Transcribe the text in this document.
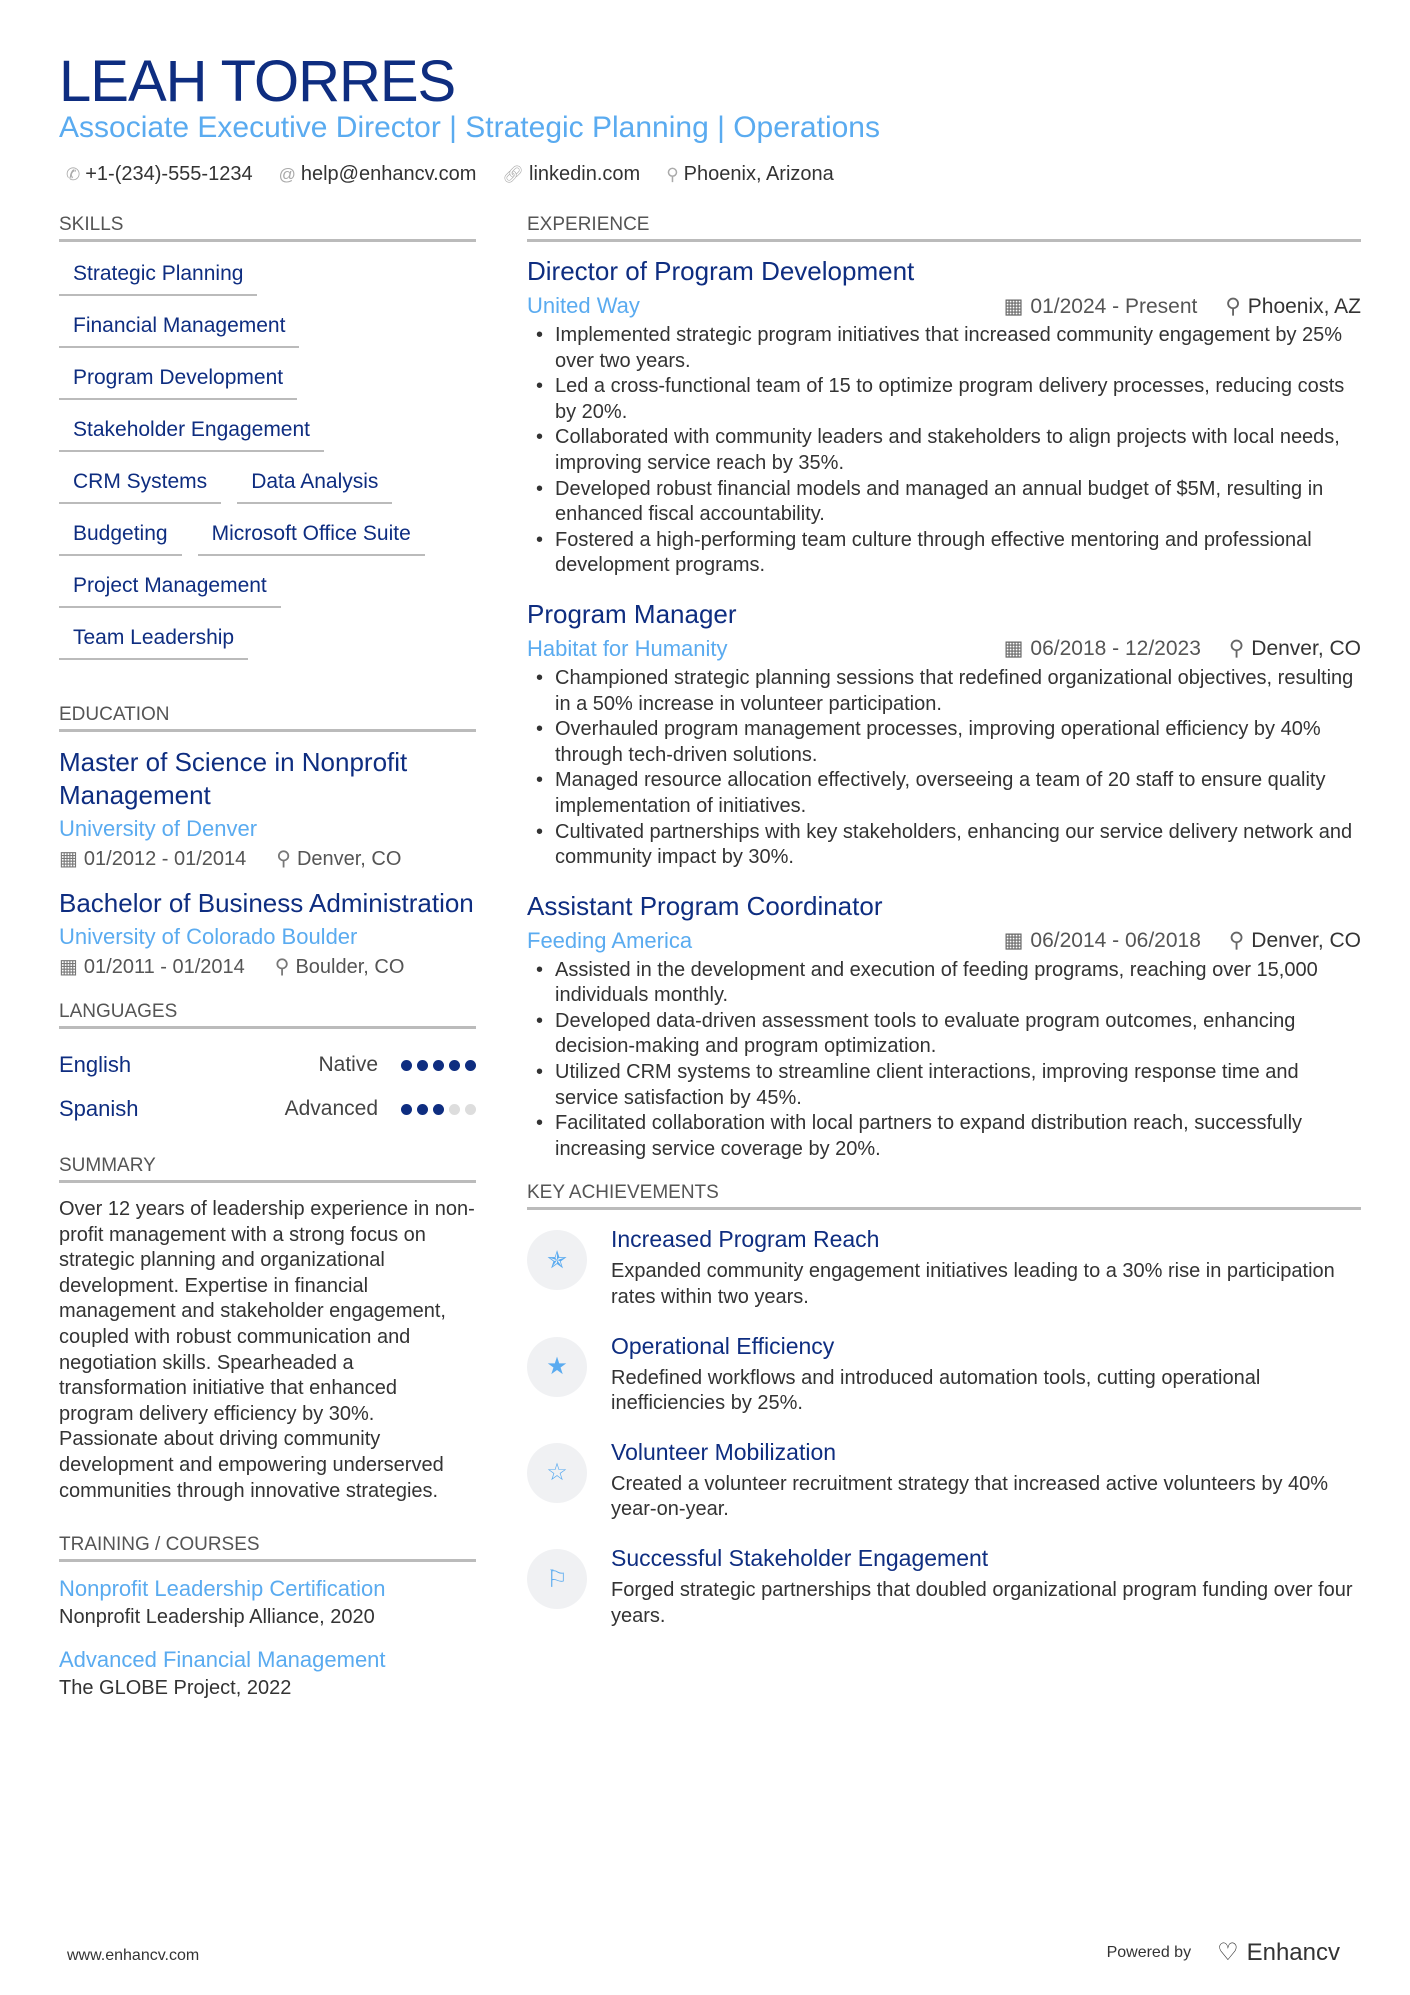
LEAH TORRES
Associate Executive Director | Strategic Planning | Operations
✆ +1-(234)-555-1234 @ help@enhancv.com 🔗︎ linkedin.com ⚲ Phoenix, Arizona
SKILLS
Strategic Planning
Financial Management
Program Development
Stakeholder Engagement
CRM Systems	Data Analysis
Budgeting	Microsoft Office Suite
Project Management
Team Leadership
EDUCATION
Master of Science in Nonprofit Management
University of Denver
▦ 01/2012 - 01/2014 ⚲ Denver, CO
Bachelor of Business Administration
University of Colorado Boulder
▦ 01/2011 - 01/2014 ⚲ Boulder, CO
LANGUAGES
English	Native
Spanish	Advanced
SUMMARY
Over 12 years of leadership experience in non-profit management with a strong focus on strategic planning and organizational development. Expertise in financial management and stakeholder engagement, coupled with robust communication and negotiation skills. Spearheaded a transformation initiative that enhanced program delivery efficiency by 30%. Passionate about driving community development and empowering underserved communities through innovative strategies.
TRAINING / COURSES
Nonprofit Leadership Certification
Nonprofit Leadership Alliance, 2020
Advanced Financial Management
The GLOBE Project, 2022
EXPERIENCE
Director of Program Development
United Way	▦ 01/2024 - Present ⚲ Phoenix, AZ
• Implemented strategic program initiatives that increased community engagement by 25% over two years.
• Led a cross-functional team of 15 to optimize program delivery processes, reducing costs by 20%.
• Collaborated with community leaders and stakeholders to align projects with local needs, improving service reach by 35%.
• Developed robust financial models and managed an annual budget of $5M, resulting in enhanced fiscal accountability.
• Fostered a high-performing team culture through effective mentoring and professional development programs.
Program Manager
Habitat for Humanity	▦ 06/2018 - 12/2023 ⚲ Denver, CO
• Championed strategic planning sessions that redefined organizational objectives, resulting in a 50% increase in volunteer participation.
• Overhauled program management processes, improving operational efficiency by 40% through tech-driven solutions.
• Managed resource allocation effectively, overseeing a team of 20 staff to ensure quality implementation of initiatives.
• Cultivated partnerships with key stakeholders, enhancing our service delivery network and community impact by 30%.
Assistant Program Coordinator
Feeding America	▦ 06/2014 - 06/2018 ⚲ Denver, CO
• Assisted in the development and execution of feeding programs, reaching over 15,000 individuals monthly.
• Developed data-driven assessment tools to evaluate program outcomes, enhancing decision-making and program optimization.
• Utilized CRM systems to streamline client interactions, improving response time and service satisfaction by 45%.
• Facilitated collaboration with local partners to expand distribution reach, successfully increasing service coverage by 20%.
KEY ACHIEVEMENTS
✯
Increased Program Reach
Expanded community engagement initiatives leading to a 30% rise in participation rates within two years.
★
Operational Efficiency
Redefined workflows and introduced automation tools, cutting operational inefficiencies by 25%.
☆
Volunteer Mobilization
Created a volunteer recruitment strategy that increased active volunteers by 40% year-on-year.
⚐
Successful Stakeholder Engagement
Forged strategic partnerships that doubled organizational program funding over four years.
www.enhancv.com	Powered by ♡ Enhancv
